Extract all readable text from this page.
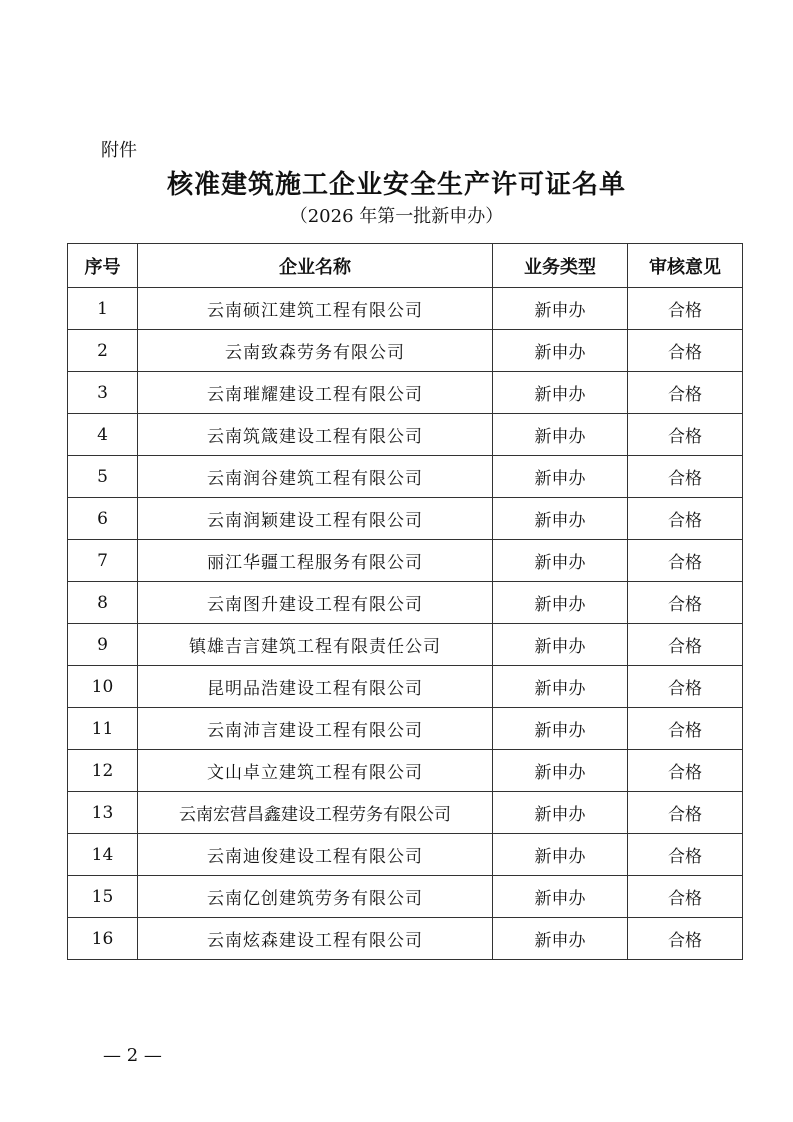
附件
核准建筑施工企业安全生产许可证名单
（2026 年第一批新申办）
序号	企业名称	业务类型	审核意见
1	云南硕江建筑工程有限公司	新申办	合格
2	云南致森劳务有限公司	新申办	合格
3	云南璀耀建设工程有限公司	新申办	合格
4	云南筑箴建设工程有限公司	新申办	合格
5	云南润谷建筑工程有限公司	新申办	合格
6	云南润颖建设工程有限公司	新申办	合格
7	丽江华疆工程服务有限公司	新申办	合格
8	云南图升建设工程有限公司	新申办	合格
9	镇雄吉言建筑工程有限责任公司	新申办	合格
10	昆明品浩建设工程有限公司	新申办	合格
11	云南沛言建设工程有限公司	新申办	合格
12	文山卓立建筑工程有限公司	新申办	合格
13	云南宏营昌鑫建设工程劳务有限公司	新申办	合格
14	云南迪俊建设工程有限公司	新申办	合格
15	云南亿创建筑劳务有限公司	新申办	合格
16	云南炫森建设工程有限公司	新申办	合格
— 2 —
